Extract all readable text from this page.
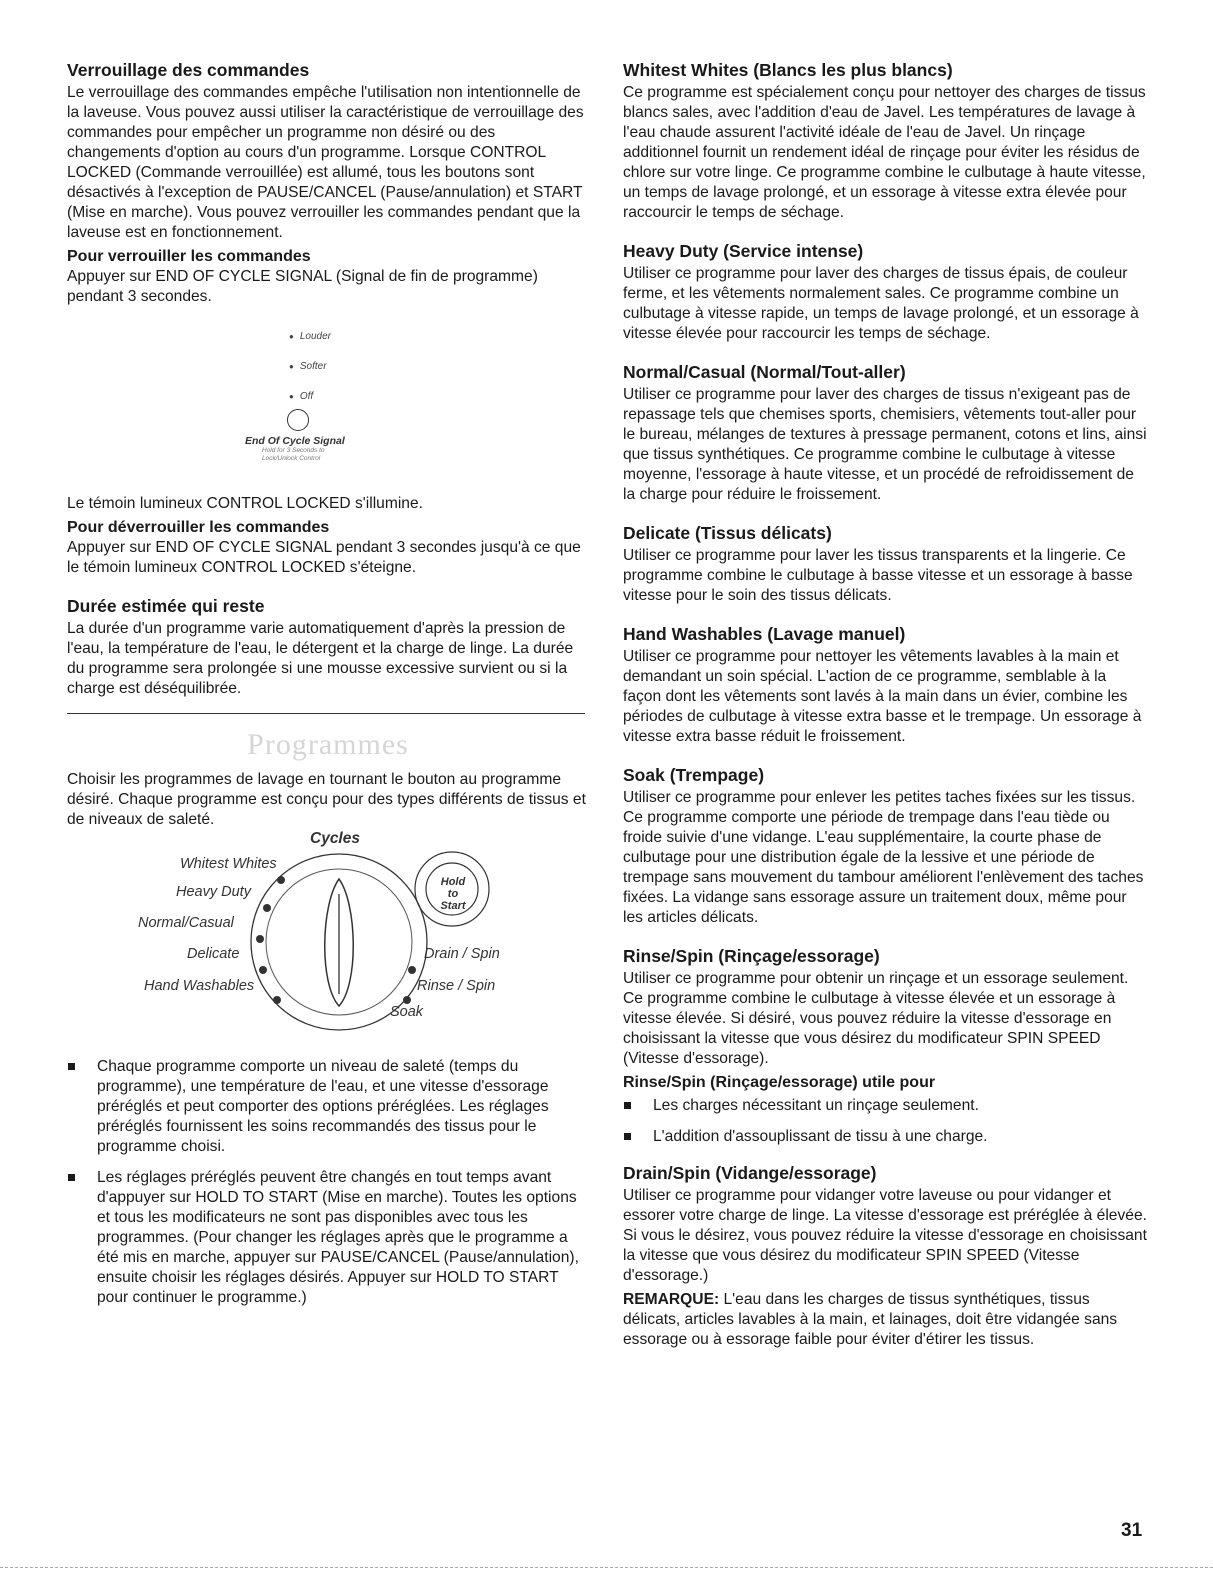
Verrouillage des commandes

Le verrouillage des commandes empêche l'utilisation non intentionnelle de la laveuse. Vous pouvez aussi utiliser la caractéristique de verrouillage des commandes pour empêcher un programme non désiré ou des changements d'option au cours d'un programme. Lorsque CONTROL LOCKED (Commande verrouillée) est allumé, tous les boutons sont désactivés à l'exception de PAUSE/CANCEL (Pause/annulation) et START (Mise en marche). Vous pouvez verrouiller les commandes pendant que la laveuse est en fonctionnement.

Pour verrouiller les commandes

Appuyer sur END OF CYCLE SIGNAL (Signal de fin de programme) pendant 3 secondes.

● Louder
● Softer
● Off
End Of Cycle Signal
Hold for 3 Seconds to Lock/Unlock Control

Le témoin lumineux CONTROL LOCKED s'illumine.

Pour déverrouiller les commandes

Appuyer sur END OF CYCLE SIGNAL pendant 3 secondes jusqu'à ce que le témoin lumineux CONTROL LOCKED s'éteigne.

Durée estimée qui reste

La durée d'un programme varie automatiquement d'après la pression de l'eau, la température de l'eau, le détergent et la charge de linge. La durée du programme sera prolongée si une mousse excessive survient ou si la charge est déséquilibrée.

Programmes

Choisir les programmes de lavage en tournant le bouton au programme désiré. Chaque programme est conçu pour des types différents de tissus et de niveaux de saleté.

Cycles
Hold to Start
Whitest Whites
Heavy Duty
Normal/Casual
Delicate
Hand Washables
Drain / Spin
Rinse / Spin
Soak
Chaque programme comporte un niveau de saleté (temps du programme), une température de l'eau, et une vitesse d'essorage préréglés et peut comporter des options préréglées. Les réglages préréglés fournissent les soins recommandés des tissus pour le programme choisi.
Les réglages préréglés peuvent être changés en tout temps avant d'appuyer sur HOLD TO START (Mise en marche). Toutes les options et tous les modificateurs ne sont pas disponibles avec tous les programmes. (Pour changer les réglages après que le programme a été mis en marche, appuyer sur PAUSE/CANCEL (Pause/annulation), ensuite choisir les réglages désirés. Appuyer sur HOLD TO START pour continuer le programme.)
Whitest Whites (Blancs les plus blancs)

Ce programme est spécialement conçu pour nettoyer des charges de tissus blancs sales, avec l'addition d'eau de Javel. Les températures de lavage à l'eau chaude assurent l'activité idéale de l'eau de Javel. Un rinçage additionnel fournit un rendement idéal de rinçage pour éviter les résidus de chlore sur votre linge. Ce programme combine le culbutage à haute vitesse, un temps de lavage prolongé, et un essorage à vitesse extra élevée pour raccourcir le temps de séchage.

Heavy Duty (Service intense)

Utiliser ce programme pour laver des charges de tissus épais, de couleur ferme, et les vêtements normalement sales. Ce programme combine un culbutage à vitesse rapide, un temps de lavage prolongé, et un essorage à vitesse élevée pour raccourcir les temps de séchage.

Normal/Casual (Normal/Tout-aller)

Utiliser ce programme pour laver des charges de tissus n'exigeant pas de repassage tels que chemises sports, chemisiers, vêtements tout-aller pour le bureau, mélanges de textures à pressage permanent, cotons et lins, ainsi que tissus synthétiques. Ce programme combine le culbutage à vitesse moyenne, l'essorage à haute vitesse, et un procédé de refroidissement de la charge pour réduire le froissement.

Delicate (Tissus délicats)

Utiliser ce programme pour laver les tissus transparents et la lingerie. Ce programme combine le culbutage à basse vitesse et un essorage à basse vitesse pour le soin des tissus délicats.

Hand Washables (Lavage manuel)

Utiliser ce programme pour nettoyer les vêtements lavables à la main et demandant un soin spécial. L'action de ce programme, semblable à la façon dont les vêtements sont lavés à la main dans un évier, combine les périodes de culbutage à vitesse extra basse et le trempage. Un essorage à vitesse extra basse réduit le froissement.

Soak (Trempage)

Utiliser ce programme pour enlever les petites taches fixées sur les tissus. Ce programme comporte une période de trempage dans l'eau tiède ou froide suivie d'une vidange. L'eau supplémentaire, la courte phase de culbutage pour une distribution égale de la lessive et une période de trempage sans mouvement du tambour améliorent l'enlèvement des taches fixées. La vidange sans essorage assure un traitement doux, même pour les articles délicats.

Rinse/Spin (Rinçage/essorage)

Utiliser ce programme pour obtenir un rinçage et un essorage seulement. Ce programme combine le culbutage à vitesse élevée et un essorage à vitesse élevée. Si désiré, vous pouvez réduire la vitesse d'essorage en choisissant la vitesse que vous désirez du modificateur SPIN SPEED (Vitesse d'essorage).

Rinse/Spin (Rinçage/essorage) utile pour
Les charges nécessitant un rinçage seulement.
L'addition d'assouplissant de tissu à une charge.
Drain/Spin (Vidange/essorage)

Utiliser ce programme pour vidanger votre laveuse ou pour vidanger et essorer votre charge de linge. La vitesse d'essorage est préréglée à élevée. Si vous le désirez, vous pouvez réduire la vitesse d'essorage en choisissant la vitesse que vous désirez du modificateur SPIN SPEED (Vitesse d'essorage.)

REMARQUE: L'eau dans les charges de tissus synthétiques, tissus délicats, articles lavables à la main, et lainages, doit être vidangée sans essorage ou à essorage faible pour éviter d'étirer les tissus.

31
